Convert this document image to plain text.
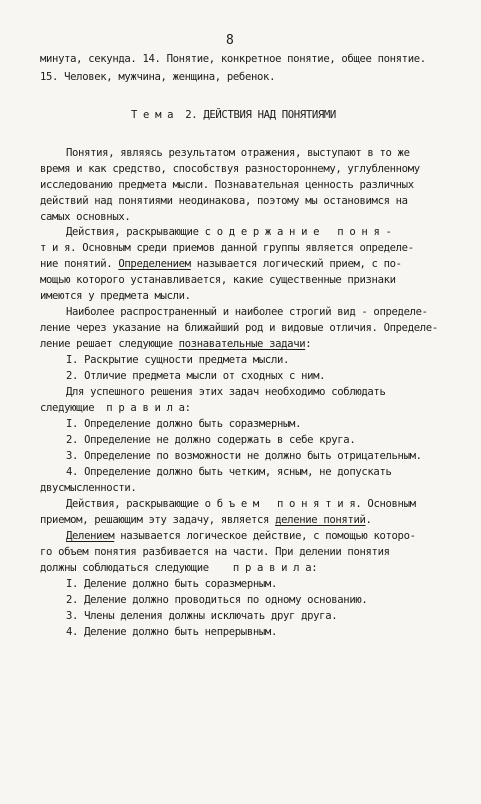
8
минута, секунда. 14. Понятие, конкретное понятие, общее понятие.
15. Человек, мужчина, женщина, ребенок.
Т е м а  2. ДЕЙСТВИЯ НАД ПОНЯТИЯМИ
Понятия, являясь результатом отражения, выступают в то же
время и как средство, способствуя разностороннему, углубленному
исследованию предмета мысли. Познавательная ценность различных
действий над понятиями неодинакова, поэтому мы остановимся на
самых основных.
Действия, раскрывающие с о д е р ж а н и е   п о н я -
т и я. Основным среди приемов данной группы является определе-
ние понятий. Определением называется логический прием, с по-
мощью которого устанавливается, какие существенные признаки
имеются у предмета мысли.
Наиболее распространенный и наиболее строгий вид - определе-
ление через указание на ближайший род и видовые отличия. Определе-
ление решает следующие познавательные задачи:
I. Раскрытие сущности предмета мысли.
2. Отличие предмета мысли от сходных с ним.
Для успешного решения этих задач необходимо соблюдать
следующие  п р а в и л а:
I. Определение должно быть соразмерным.
2. Определение не должно содержать в себе круга.
3. Определение по возможности не должно быть отрицательным.
4. Определение должно быть четким, ясным, не допускать
двусмысленности.
Действия, раскрывающие о б ъ е м   п о н я т и я. Основным
приемом, решающим эту задачу, является деление понятий.
Делением называется логическое действие, с помощью которо-
го объем понятия разбивается на части. При делении понятия
должны соблюдаться следующие    п р а в и л а:
I. Деление должно быть соразмерным.
2. Деление должно проводиться по одному основанию.
3. Члены деления должны исключать друг друга.
4. Деление должно быть непрерывным.
